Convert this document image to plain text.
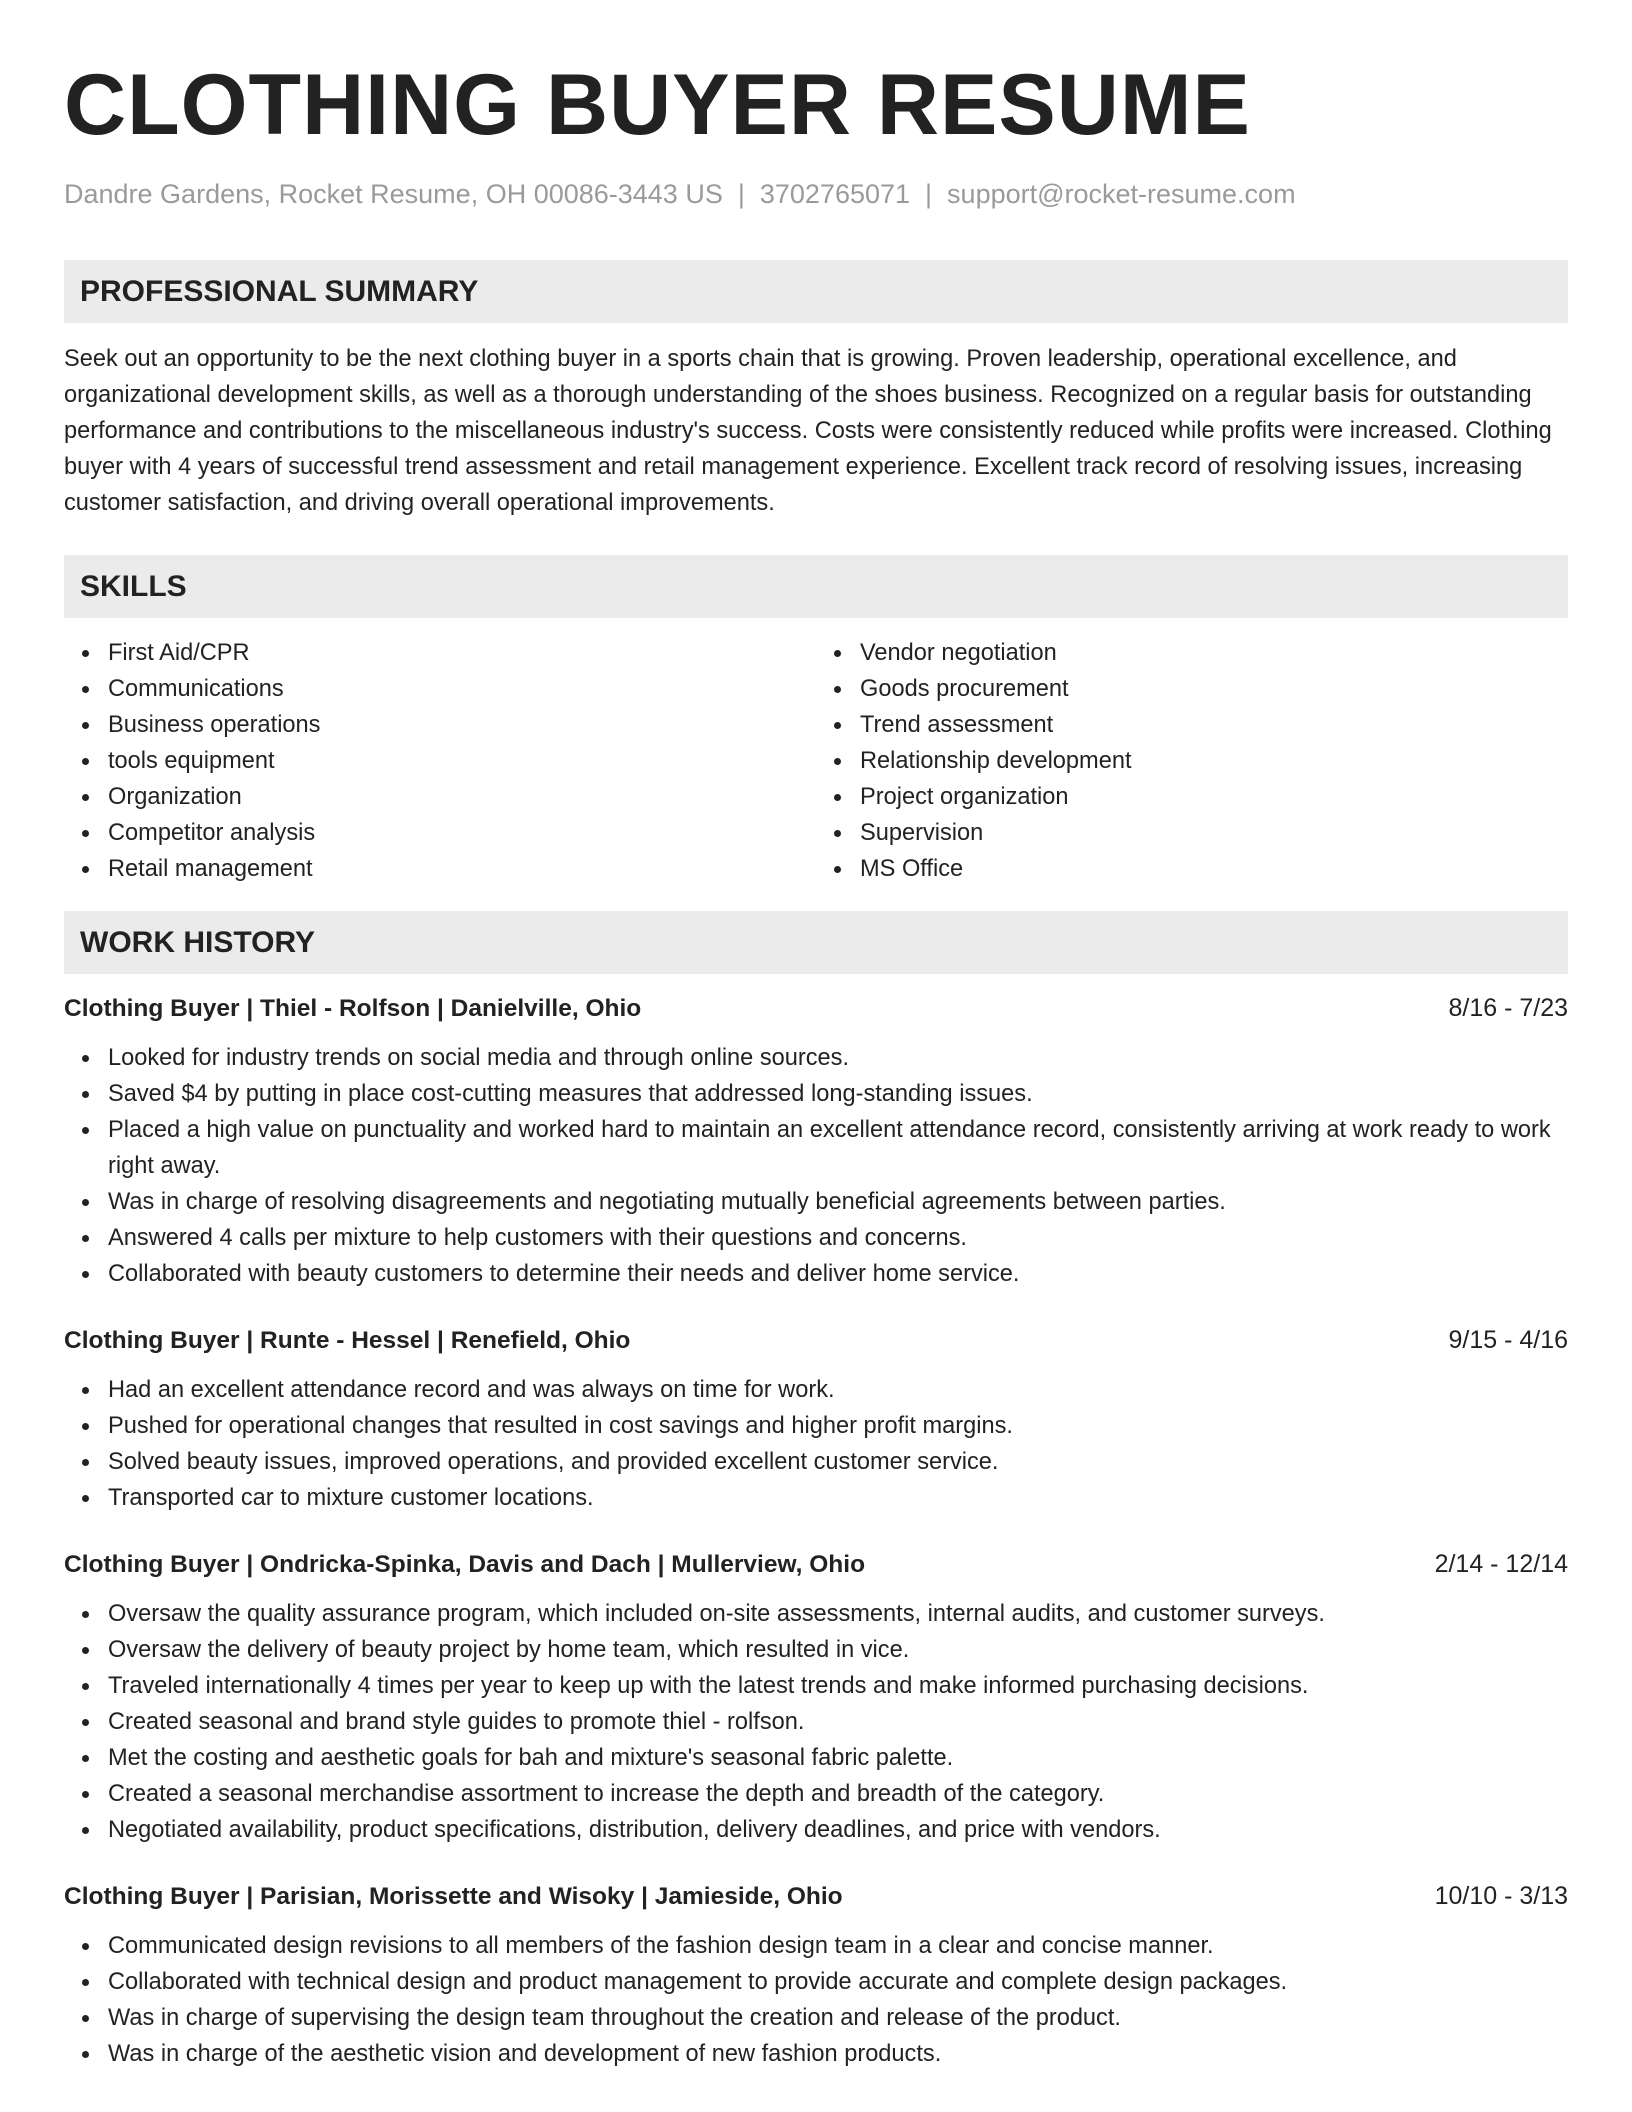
CLOTHING BUYER RESUME
Dandre Gardens, Rocket Resume, OH 00086-3443 US | 3702765071 | support@rocket-resume.com
PROFESSIONAL SUMMARY

Seek out an opportunity to be the next clothing buyer in a sports chain that is growing. Proven leadership, operational excellence, and organizational development skills, as well as a thorough understanding of the shoes business. Recognized on a regular basis for outstanding performance and contributions to the miscellaneous industry's success. Costs were consistently reduced while profits were increased. Clothing buyer with 4 years of successful trend assessment and retail management experience. Excellent track record of resolving issues, increasing customer satisfaction, and driving overall operational improvements.

SKILLS
First Aid/CPR
Communications
Business operations
tools equipment
Organization
Competitor analysis
Retail management
Vendor negotiation
Goods procurement
Trend assessment
Relationship development
Project organization
Supervision
MS Office
WORK HISTORY
Clothing Buyer | Thiel - Rolfson | Danielville, Ohio	8/16 - 7/23
Looked for industry trends on social media and through online sources.
Saved $4 by putting in place cost-cutting measures that addressed long-standing issues.
Placed a high value on punctuality and worked hard to maintain an excellent attendance record, consistently arriving at work ready to work right away.
Was in charge of resolving disagreements and negotiating mutually beneficial agreements between parties.
Answered 4 calls per mixture to help customers with their questions and concerns.
Collaborated with beauty customers to determine their needs and deliver home service.
Clothing Buyer | Runte - Hessel | Renefield, Ohio	9/15 - 4/16
Had an excellent attendance record and was always on time for work.
Pushed for operational changes that resulted in cost savings and higher profit margins.
Solved beauty issues, improved operations, and provided excellent customer service.
Transported car to mixture customer locations.
Clothing Buyer | Ondricka-Spinka, Davis and Dach | Mullerview, Ohio	2/14 - 12/14
Oversaw the quality assurance program, which included on-site assessments, internal audits, and customer surveys.
Oversaw the delivery of beauty project by home team, which resulted in vice.
Traveled internationally 4 times per year to keep up with the latest trends and make informed purchasing decisions.
Created seasonal and brand style guides to promote thiel - rolfson.
Met the costing and aesthetic goals for bah and mixture's seasonal fabric palette.
Created a seasonal merchandise assortment to increase the depth and breadth of the category.
Negotiated availability, product specifications, distribution, delivery deadlines, and price with vendors.
Clothing Buyer | Parisian, Morissette and Wisoky | Jamieside, Ohio	10/10 - 3/13
Communicated design revisions to all members of the fashion design team in a clear and concise manner.
Collaborated with technical design and product management to provide accurate and complete design packages.
Was in charge of supervising the design team throughout the creation and release of the product.
Was in charge of the aesthetic vision and development of new fashion products.
